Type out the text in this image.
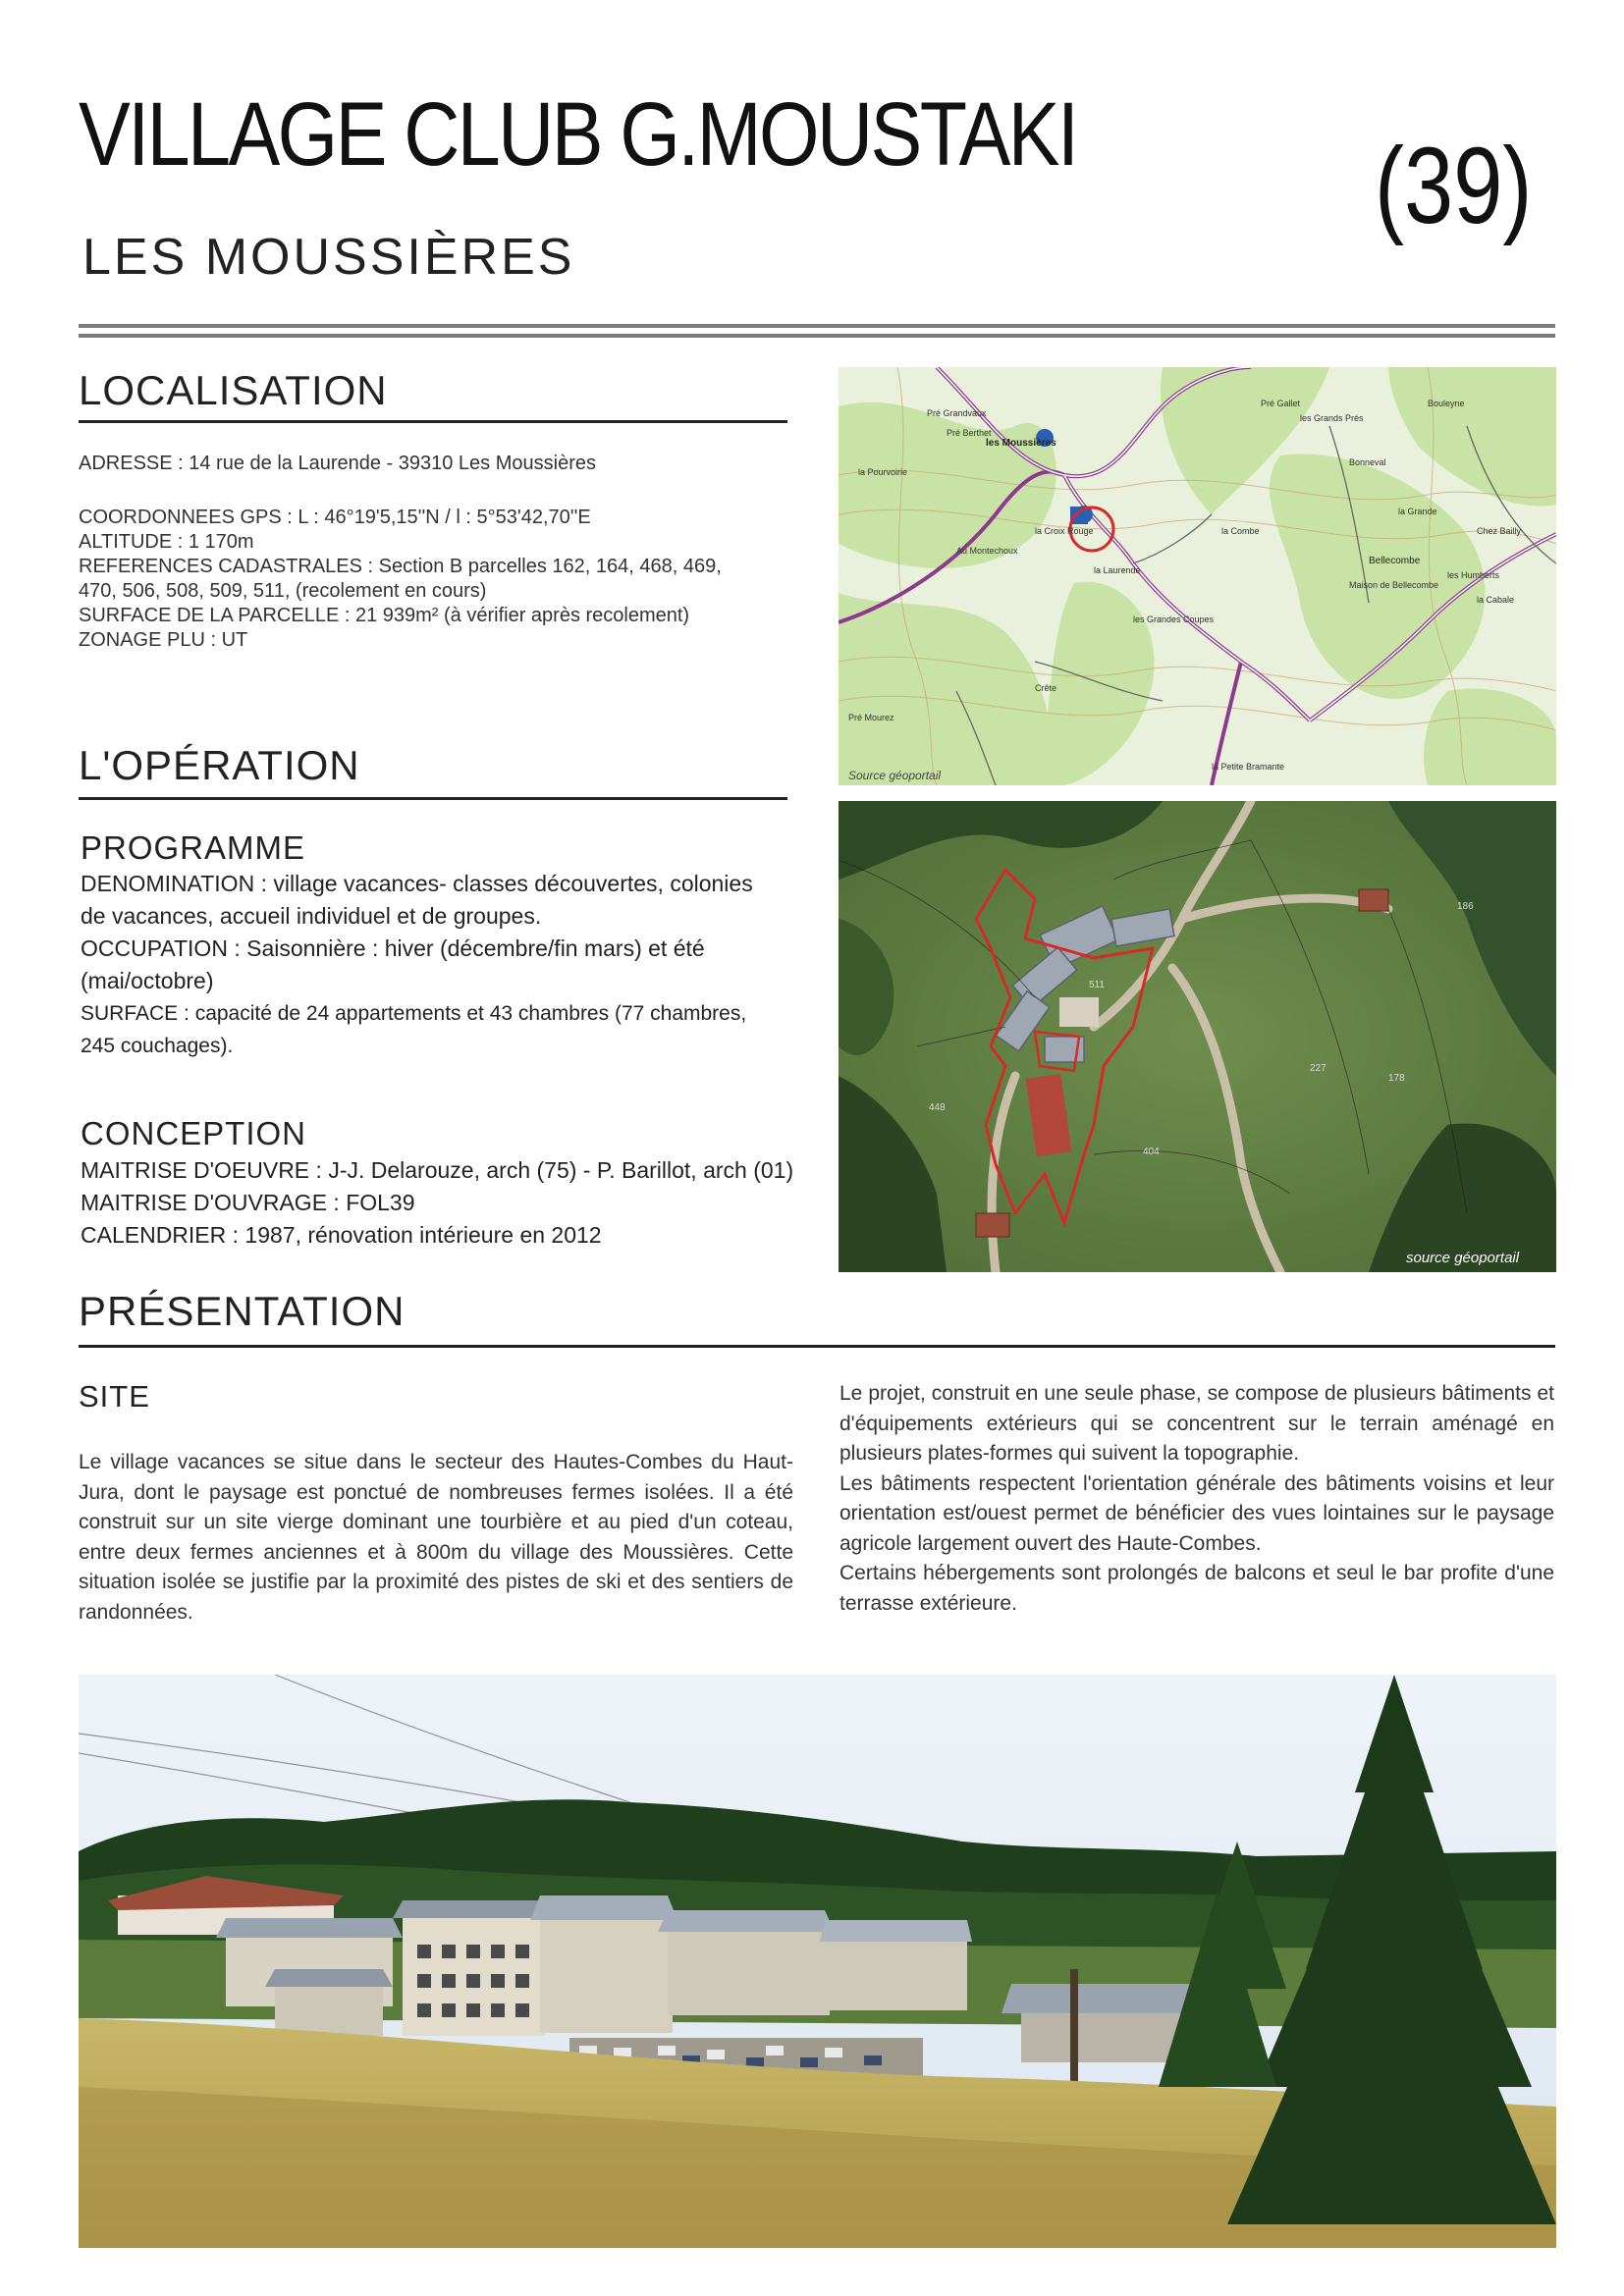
VILLAGE CLUB G.MOUSTAKI
LES MOUSSIÈRES
(39)
LOCALISATION

ADRESSE : 14 rue de la Laurende - 39310 Les Moussières

COORDONNEES GPS : L : 46°19'5,15''N / l : 5°53'42,70''E

ALTITUDE : 1 170m

REFERENCES CADASTRALES : Section B parcelles 162, 164, 468, 469,

470, 506, 508, 509, 511, (recolement en cours)

SURFACE DE LA PARCELLE : 21 939m² (à vérifier après recolement)

ZONAGE PLU : UT

L'OPÉRATION
PROGRAMME

DENOMINATION : village vacances- classes découvertes, colonies

de vacances, accueil individuel et de groupes.

OCCUPATION : Saisonnière : hiver (décembre/fin mars) et été

(mai/octobre)

SURFACE : capacité de 24 appartements et 43 chambres (77 chambres,

245 couchages).

CONCEPTION

MAITRISE D'OEUVRE : J-J. Delarouze, arch (75) - P. Barillot, arch (01)

MAITRISE D'OUVRAGE : FOL39

CALENDRIER : 1987, rénovation intérieure en 2012

les Moussières
Pré Grandvaux
Pré Berthet
la Pourvoirie
Au Montechoux
la Croix Rouge
la Laurende
les Grandes Coupes
la Petite Bramante
Bellecombe
les Grands Prés
Pré Gallet
Chez Bailly
les Humberts
la Cabale
la Grande
Maison de Bellecombe
Crête
Pré Mourez
Bouleyne
Bonneval
la Combe
Source géoportail
186
227
178
404
448
511
source géoportail
PRÉSENTATION
SITE

Le village vacances se situe dans le secteur des Hautes-Combes du Haut-Jura, dont le paysage est ponctué de nombreuses fermes isolées. Il a été construit sur un site vierge dominant une tourbière et au pied d'un coteau, entre deux fermes anciennes et à 800m du village des Moussières. Cette situation isolée se justifie par la proximité des pistes de ski et des sentiers de randonnées.

Le projet, construit en une seule phase, se compose de plusieurs bâtiments et d'équipements extérieurs qui se concentrent sur le terrain aménagé en plusieurs plates-formes qui suivent la topographie.

Les bâtiments respectent l'orientation générale des bâtiments voisins et leur orientation est/ouest permet de bénéficier des vues lointaines sur le paysage agricole largement ouvert des Haute-Combes.

Certains hébergements sont prolongés de balcons et seul le bar profite d'une terrasse extérieure.
